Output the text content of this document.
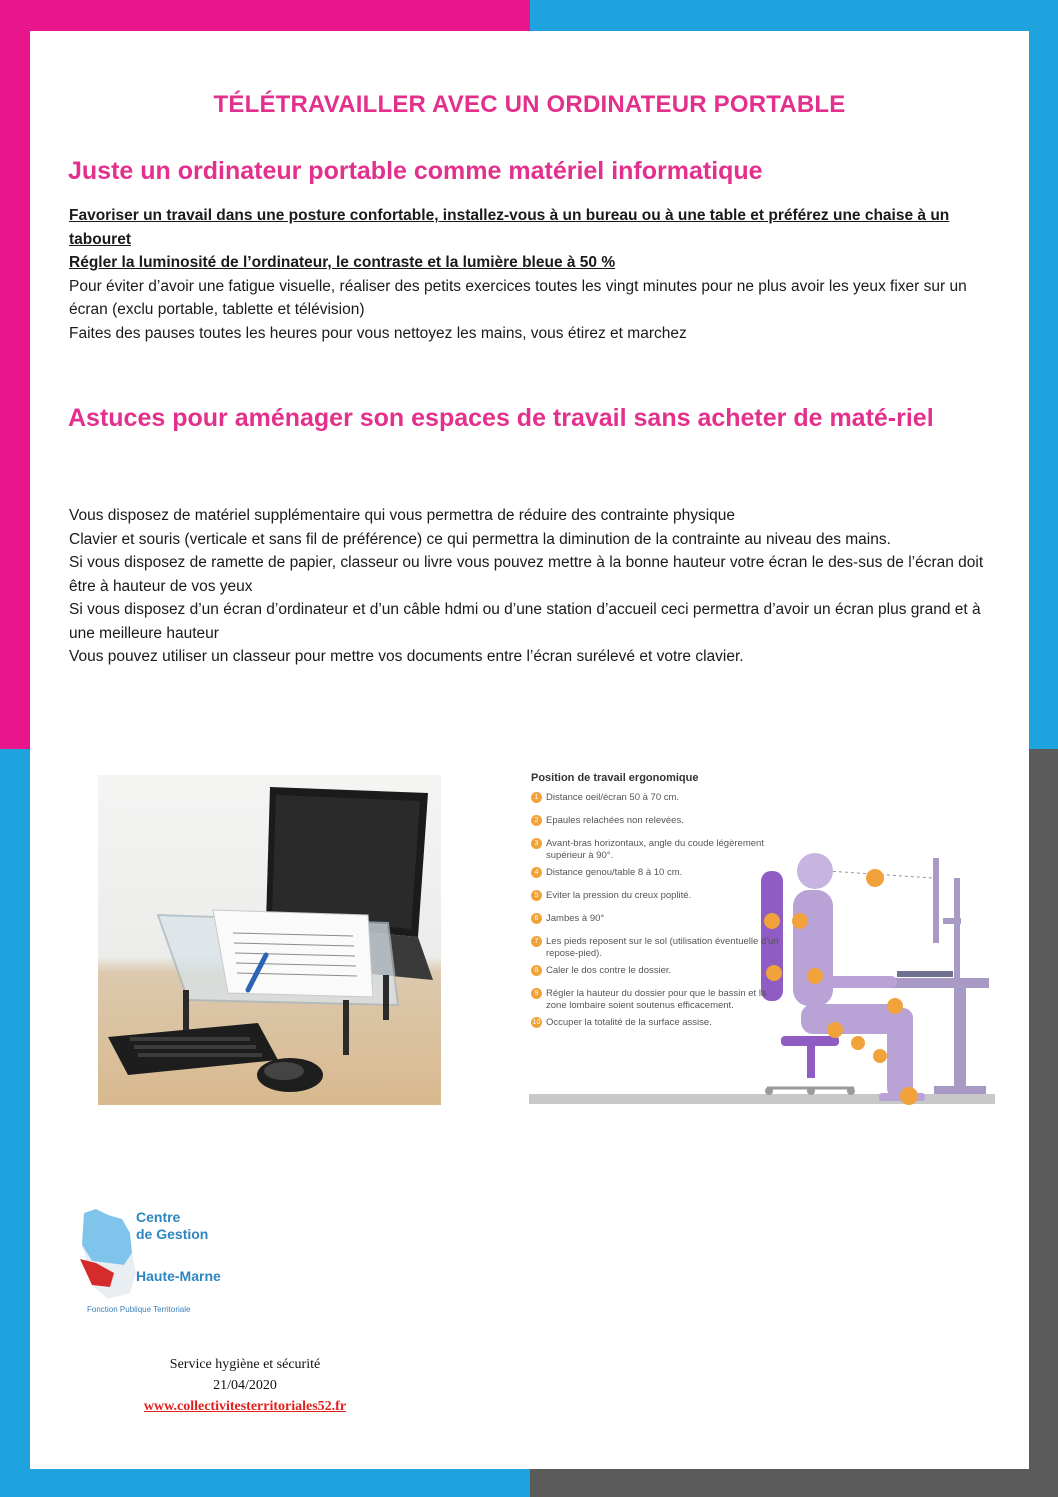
TÉLÉTRAVAILLER AVEC UN ORDINATEUR PORTABLE
Juste un ordinateur portable comme matériel informatique

Favoriser un travail dans une posture confortable, installez-vous à un bureau ou à une table et préférez une chaise à un tabouret

Régler la luminosité de l’ordinateur, le contraste et la lumière bleue à 50 %

Pour éviter d’avoir une fatigue visuelle, réaliser des petits exercices toutes les vingt minutes pour ne plus avoir les yeux fixer sur un écran (exclu portable, tablette et télévision)

Faites des pauses toutes les heures pour vous nettoyez les mains, vous étirez et marchez

Astuces pour aménager son espaces de travail sans acheter de maté-riel

Vous disposez de matériel supplémentaire qui vous permettra de réduire des contrainte physique

Clavier et souris (verticale et sans fil de préférence) ce qui permettra la diminution de la contrainte au niveau des mains.

Si vous disposez de ramette de papier, classeur ou livre vous pouvez mettre à la bonne hauteur votre écran le des-sus de l’écran doit être à hauteur de vos yeux

Si vous disposez d’un écran d’ordinateur et d’un câble hdmi ou d’une station d’accueil ceci permettra d’avoir un écran plus grand et à une meilleure hauteur

Vous pouvez utiliser un classeur pour mettre vos documents entre l’écran surélevé et votre clavier.

Position de travail ergonomique
1 Distance oeil/écran 50 à 70 cm.
2 Epaules relachées non relevées.
3 Avant-bras horizontaux, angle du coude légèrement supérieur à 90°.
4 Distance genou/table 8 à 10 cm.
5 Eviter la pression du creux poplité.
6 Jambes à 90°
7 Les pieds reposent sur le sol (utilisation éventuelle d'un repose-pied).
8 Caler le dos contre le dossier.
9 Régler la hauteur du dossier pour que le bassin et la zone lombaire soient soutenus efficacement.
10 Occuper la totalité de la surface assise.
Centre
de Gestion
Haute-Marne
Fonction Publique Territoriale
Service hygiène et sécurité
21/04/2020
www.collectivitesterritoriales52.fr
